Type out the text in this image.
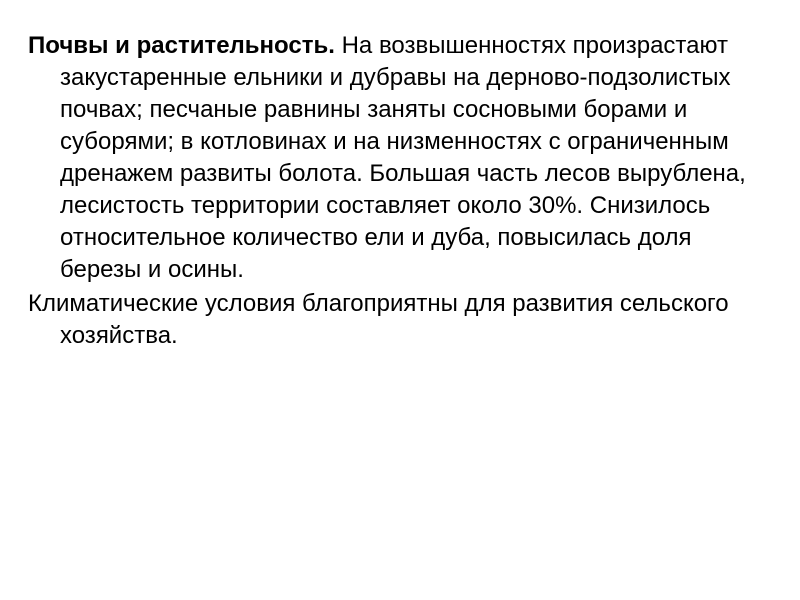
Почвы и растительность. На возвышенностях произрастают закустаренные ельники и дубравы на дерново-подзолистых почвах; песчаные равнины заняты сосновыми борами и суборями; в котловинах и на низменностях с ограниченным дренажем развиты болота. Большая часть лесов вырублена, лесистость территории составляет около 30%. Снизилось относительное количество ели и дуба, повысилась доля березы и осины.

Климатические условия благоприятны для развития сельского хозяйства.
